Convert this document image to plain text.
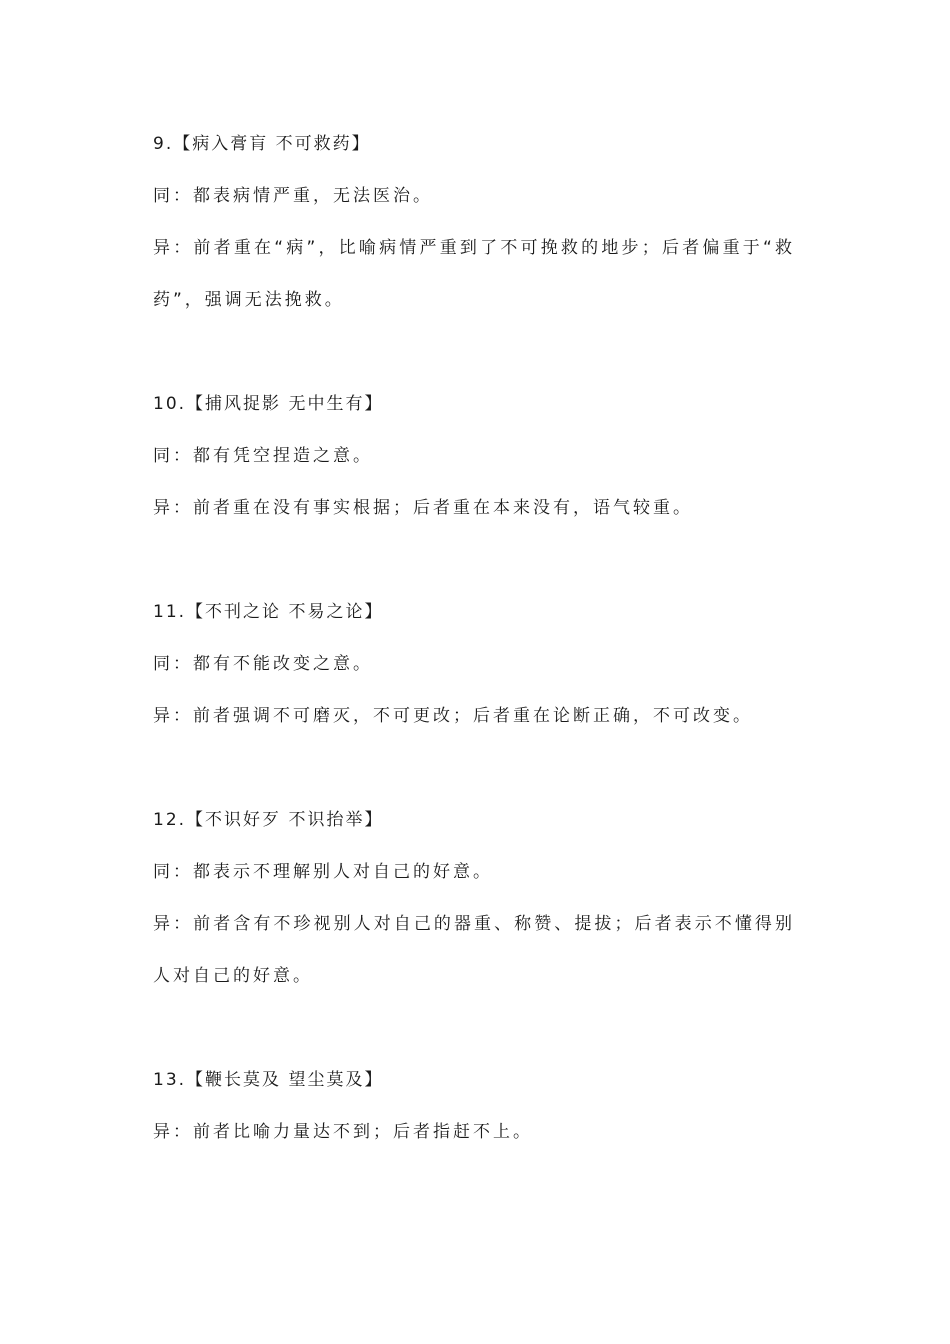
9.【病入膏肓 不可救药】

同：都表病情严重，无法医治。

异：前者重在“病”，比喻病情严重到了不可挽救的地步；后者偏重于“救药”，强调无法挽救。

10.【捕风捉影 无中生有】

同：都有凭空捏造之意。

异：前者重在没有事实根据；后者重在本来没有，语气较重。

11.【不刊之论 不易之论】

同：都有不能改变之意。

异：前者强调不可磨灭，不可更改；后者重在论断正确，不可改变。

12.【不识好歹 不识抬举】

同：都表示不理解别人对自己的好意。

异：前者含有不珍视别人对自己的器重、称赞、提拔；后者表示不懂得别人对自己的好意。

13.【鞭长莫及 望尘莫及】

异：前者比喻力量达不到；后者指赶不上。
